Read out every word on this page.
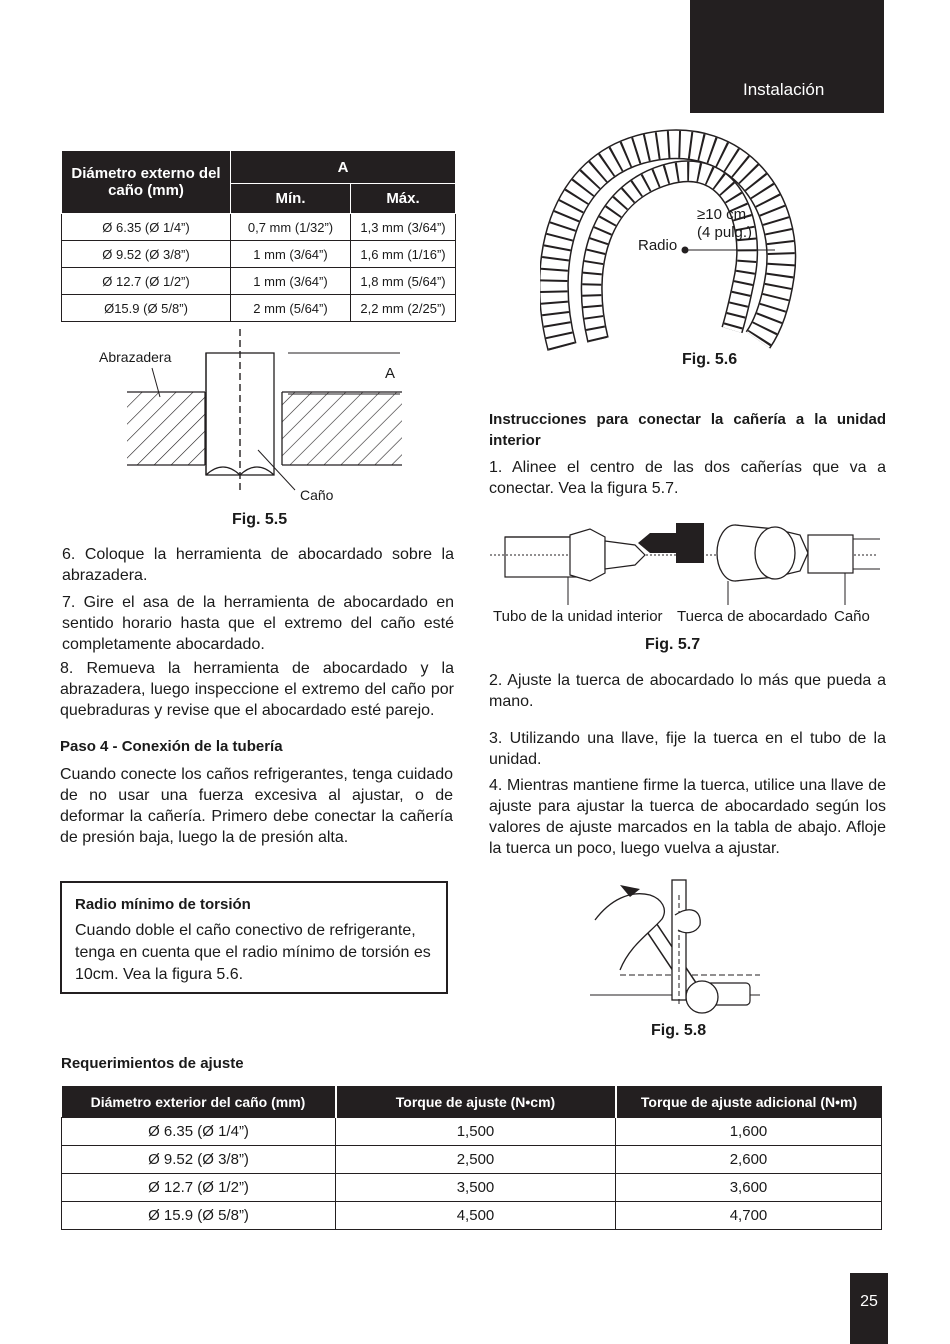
Instalación
Diámetro externo del caño (mm)	A	
	Mín.	Máx.
Ø 6.35 (Ø 1/4”)	0,7 mm (1/32”)	1,3 mm (3/64”)
Ø 9.52 (Ø 3/8”)	1 mm (3/64”)	1,6 mm (1/16”)
Ø 12.7 (Ø 1/2”)	1 mm (3/64”)	1,8 mm (5/64”)
Ø15.9 (Ø 5/8”)	2 mm (5/64”)	2,2 mm (2/25”)
Abrazadera
A
Caño
Fig. 5.5
6. Coloque la herramienta de abocardado sobre la abrazadera.
7. Gire el asa de la herramienta de abocardado en sentido horario hasta que el extremo del caño esté completamente abocardado.
8. Remueva la herramienta de abocardado y la abrazadera, luego inspeccione el extremo del caño por quebraduras y revise que el abocardado esté parejo.
Paso 4 - Conexión de la tubería
Cuando conecte los caños refrigerantes, tenga cuidado de no usar una fuerza excesiva al ajustar, o de deformar la cañería. Primero debe conectar la cañería de presión baja, luego la de presión alta.
Radio mínimo de torsión
Cuando doble el caño conectivo de refrigerante, tenga en cuenta que el radio mínimo de torsión es 10cm. Vea la figura 5.6.
Radio
≥10 cm
(4 pulg.)
Fig. 5.6
Instrucciones para conectar la cañería a la unidad interior
1. Alinee el centro de las dos cañerías que va a conectar. Vea la figura 5.7.
Tubo de la unidad interior Tuerca de abocardado Caño
Fig. 5.7
2. Ajuste la tuerca de abocardado lo más que pueda a mano.
3. Utilizando una llave, fije la tuerca en el tubo de la unidad.
4. Mientras mantiene firme la tuerca, utilice una llave de ajuste para ajustar la tuerca de abocardado según los valores de ajuste marcados en la tabla de abajo. Afloje la tuerca un poco, luego vuelva a ajustar.
Fig. 5.8
Requerimientos de ajuste
Diámetro exterior del caño (mm)	Torque de ajuste (N•cm)	Torque de ajuste adicional (N•m)
Ø 6.35 (Ø 1/4”)	1,500	1,600
Ø 9.52 (Ø 3/8”)	2,500	2,600
Ø 12.7 (Ø 1/2”)	3,500	3,600
Ø 15.9 (Ø 5/8”)	4,500	4,700
25
